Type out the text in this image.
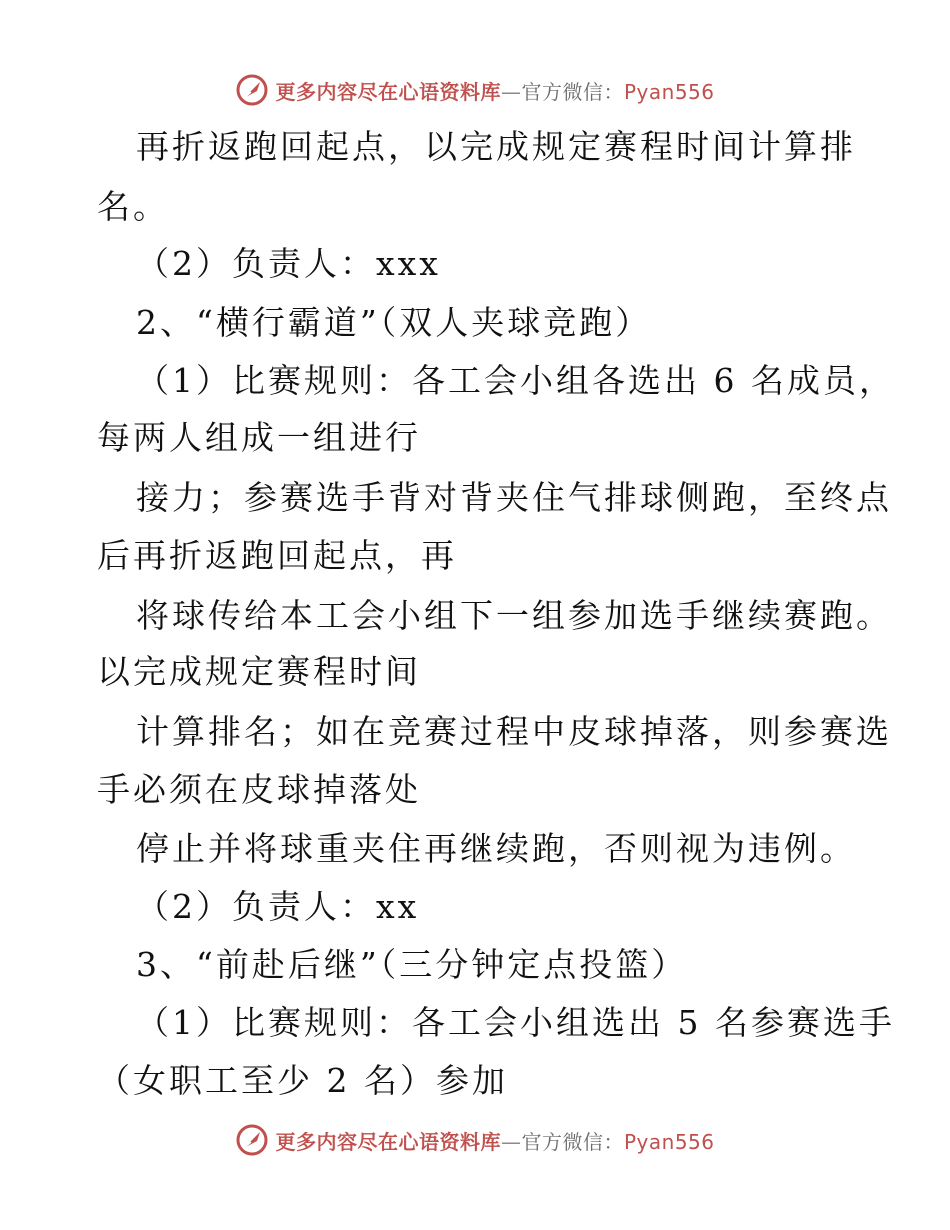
更多内容尽在心语资料库—官方微信：Pyan556
再折返跑回起点，以完成规定赛程时间计算排
名。
（2）负责人：xxx
2、“横行霸道”（双人夹球竞跑）
（1）比赛规则：各工会小组各选出 6 名成员，
每两人组成一组进行
接力；参赛选手背对背夹住气排球侧跑，至终点
后再折返跑回起点，再
将球传给本工会小组下一组参加选手继续赛跑。
以完成规定赛程时间
计算排名；如在竞赛过程中皮球掉落，则参赛选
手必须在皮球掉落处
停止并将球重夹住再继续跑，否则视为违例。
（2）负责人：xx
3、“前赴后继”（三分钟定点投篮）
（1）比赛规则：各工会小组选出 5 名参赛选手
（女职工至少 2 名）参加
更多内容尽在心语资料库—官方微信：Pyan556
